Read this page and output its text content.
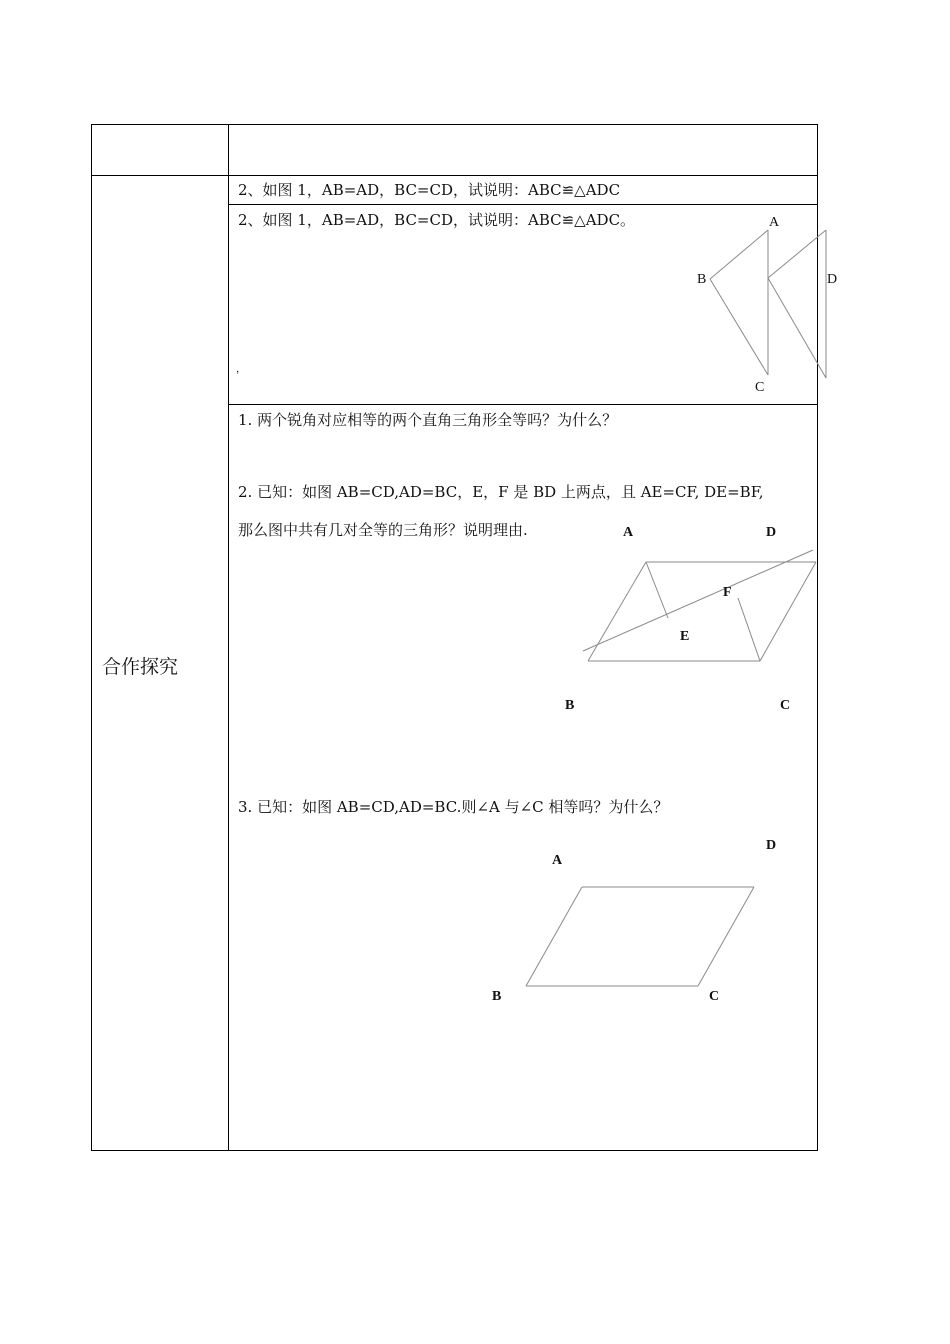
合作探究
2、如图 1，AB=AD，BC=CD，试说明：ABC≌△ADC
2、如图 1，AB=AD，BC=CD，试说明：ABC≌△ADC。
，
A
B
C
D
1. 两个锐角对应相等的两个直角三角形全等吗？为什么？
2. 已知：如图 AB=CD,AD=BC，E，F 是 BD 上两点，且 AE=CF, DE=BF,
那么图中共有几对全等的三角形？说明理由.	A	D
F
E
B	C
3. 已知：如图 AB=CD,AD=BC.则∠A 与∠C 相等吗？为什么？
A
D
B	C
